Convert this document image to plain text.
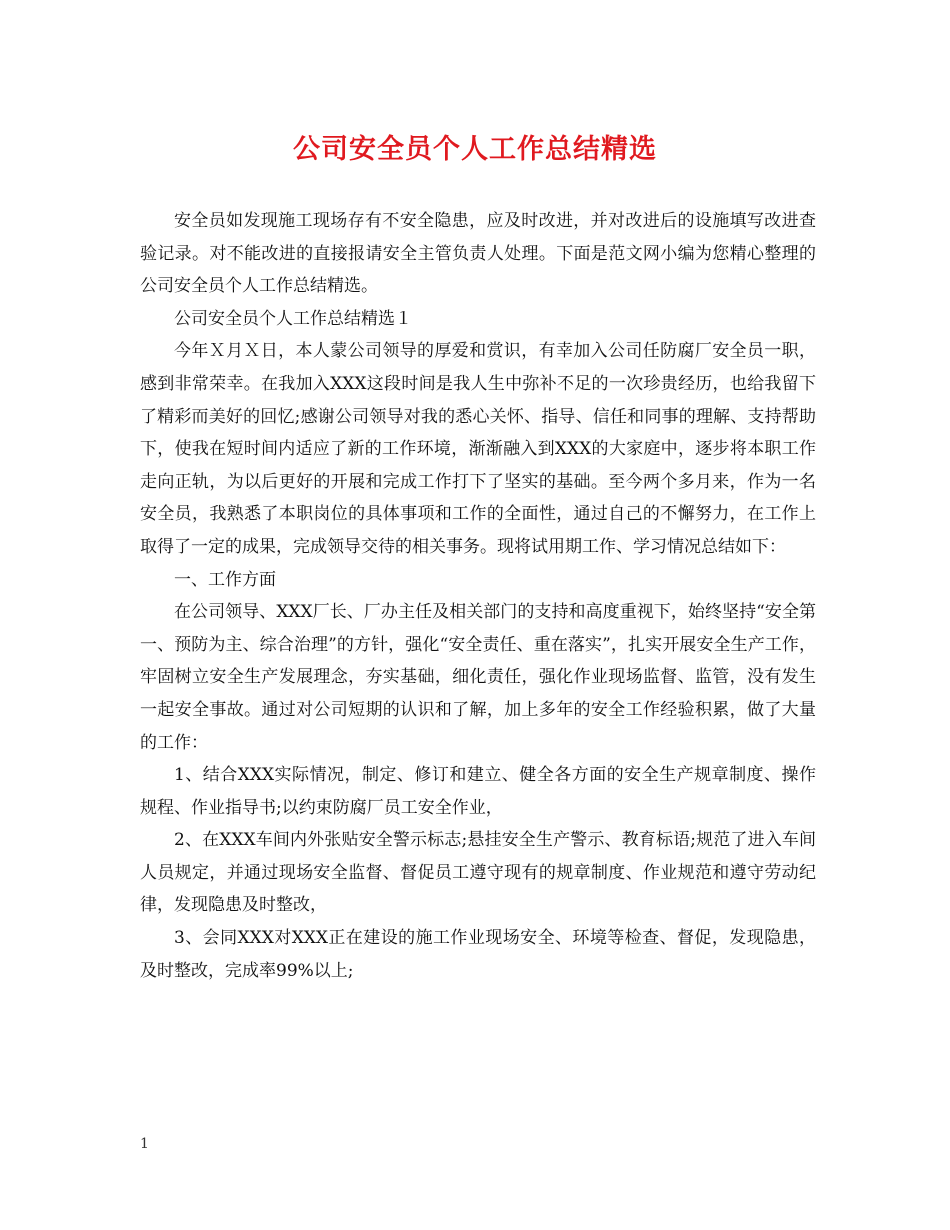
公司安全员个人工作总结精选

安全员如发现施工现场存有不安全隐患，应及时改进，并对改进后的设施填写改进查验记录。对不能改进的直接报请安全主管负责人处理。下面是范文网小编为您精心整理的公司安全员个人工作总结精选。

公司安全员个人工作总结精选１

今年Ｘ月Ｘ日，本人蒙公司领导的厚爱和赏识，有幸加入公司任防腐厂安全员一职，感到非常荣幸。在我加入XXX这段时间是我人生中弥补不足的一次珍贵经历，也给我留下了精彩而美好的回忆;感谢公司领导对我的悉心关怀、指导、信任和同事的理解、支持帮助下，使我在短时间内适应了新的工作环境，渐渐融入到XXX的大家庭中，逐步将本职工作走向正轨，为以后更好的开展和完成工作打下了坚实的基础。至今两个多月来，作为一名安全员，我熟悉了本职岗位的具体事项和工作的全面性，通过自己的不懈努力，在工作上取得了一定的成果，完成领导交待的相关事务。现将试用期工作、学习情况总结如下：

一、工作方面

在公司领导、XXX厂长、厂办主任及相关部门的支持和高度重视下，始终坚持“安全第一、预防为主、综合治理”的方针，强化“安全责任、重在落实”，扎实开展安全生产工作，牢固树立安全生产发展理念，夯实基础，细化责任，强化作业现场监督、监管，没有发生一起安全事故。通过对公司短期的认识和了解，加上多年的安全工作经验积累，做了大量的工作：

1、结合XXX实际情况，制定、修订和建立、健全各方面的安全生产规章制度、操作规程、作业指导书;以约束防腐厂员工安全作业，

2、在XXX车间内外张贴安全警示标志;悬挂安全生产警示、教育标语;规范了进入车间人员规定，并通过现场安全监督、督促员工遵守现有的规章制度、作业规范和遵守劳动纪律，发现隐患及时整改，

3、会同XXX对XXX正在建设的施工作业现场安全、环境等检查、督促，发现隐患，及时整改，完成率99%以上;

1
